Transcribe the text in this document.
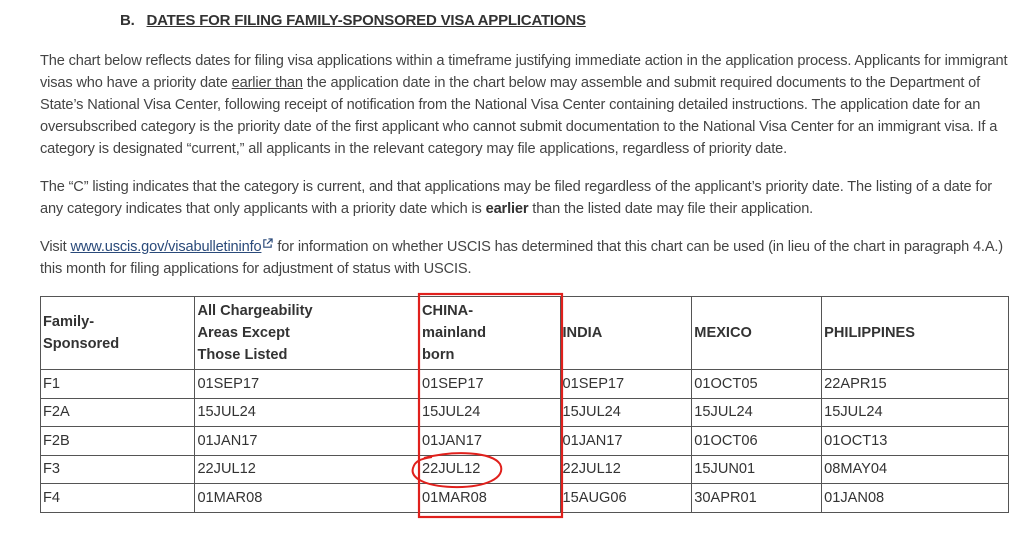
B. DATES FOR FILING FAMILY-SPONSORED VISA APPLICATIONS

The chart below reflects dates for filing visa applications within a timeframe justifying immediate action in the application process. Applicants for immigrant visas who have a priority date earlier than the application date in the chart below may assemble and submit required documents to the Department of State’s National Visa Center, following receipt of notification from the National Visa Center containing detailed instructions. The application date for an oversubscribed category is the priority date of the first applicant who cannot submit documentation to the National Visa Center for an immigrant visa. If a category is designated “current,” all applicants in the relevant category may file applications, regardless of priority date.

The “C” listing indicates that the category is current, and that applications may be filed regardless of the applicant’s priority date. The listing of a date for any category indicates that only applicants with a priority date which is earlier than the listed date may file their application.

Visit www.uscis.gov/visabulletininfo for information on whether USCIS has determined that this chart can be used (in lieu of the chart in paragraph 4.A.) this month for filing applications for adjustment of status with USCIS.

Family-
Sponsored	All Chargeability
Areas Except
Those Listed	CHINA-
mainland
born	INDIA	MEXICO	PHILIPPINES
F1	01SEP17	01SEP17	01SEP17	01OCT05	22APR15
F2A	15JUL24	15JUL24	15JUL24	15JUL24	15JUL24
F2B	01JAN17	01JAN17	01JAN17	01OCT06	01OCT13
F3	22JUL12	22JUL12	22JUL12	15JUN01	08MAY04
F4	01MAR08	01MAR08	15AUG06	30APR01	01JAN08
